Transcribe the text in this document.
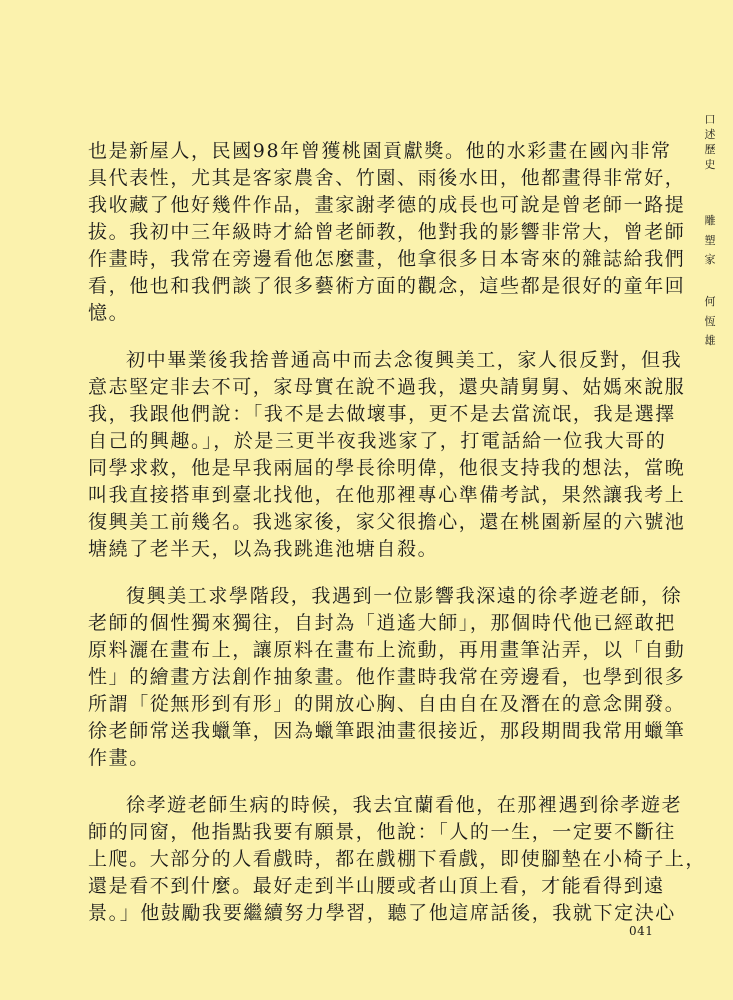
口
述
歷
史
雕
塑
家
何
恆
雄
也是新屋人，民國98年曾獲桃園貢獻獎。他的水彩畫在國內非常
具代表性，尤其是客家農舍、竹園、雨後水田，他都畫得非常好，
我收藏了他好幾件作品，畫家謝孝德的成長也可說是曾老師一路提
拔。我初中三年級時才給曾老師教，他對我的影響非常大，曾老師
作畫時，我常在旁邊看他怎麼畫，他拿很多日本寄來的雜誌給我們
看，他也和我們談了很多藝術方面的觀念，這些都是很好的童年回
憶。
初中畢業後我捨普通高中而去念復興美工，家人很反對，但我
意志堅定非去不可，家母實在說不過我，還央請舅舅、姑媽來說服
我，我跟他們說：「我不是去做壞事，更不是去當流氓，我是選擇
自己的興趣。」，於是三更半夜我逃家了，打電話給一位我大哥的
同學求救，他是早我兩屆的學長徐明偉，他很支持我的想法，當晚
叫我直接搭車到臺北找他，在他那裡專心準備考試，果然讓我考上
復興美工前幾名。我逃家後，家父很擔心，還在桃園新屋的六號池
塘繞了老半天，以為我跳進池塘自殺。
復興美工求學階段，我遇到一位影響我深遠的徐孝遊老師，徐
老師的個性獨來獨往，自封為「逍遙大師」，那個時代他已經敢把
原料灑在畫布上，讓原料在畫布上流動，再用畫筆沾弄，以「自動
性」的繪畫方法創作抽象畫。他作畫時我常在旁邊看，也學到很多
所謂「從無形到有形」的開放心胸、自由自在及潛在的意念開發。
徐老師常送我蠟筆，因為蠟筆跟油畫很接近，那段期間我常用蠟筆
作畫。
徐孝遊老師生病的時候，我去宜蘭看他，在那裡遇到徐孝遊老
師的同窗，他指點我要有願景，他說：「人的一生，一定要不斷往
上爬。大部分的人看戲時，都在戲棚下看戲，即使腳墊在小椅子上，
還是看不到什麼。最好走到半山腰或者山頂上看，才能看得到遠
景。」他鼓勵我要繼續努力學習，聽了他這席話後，我就下定決心
041
